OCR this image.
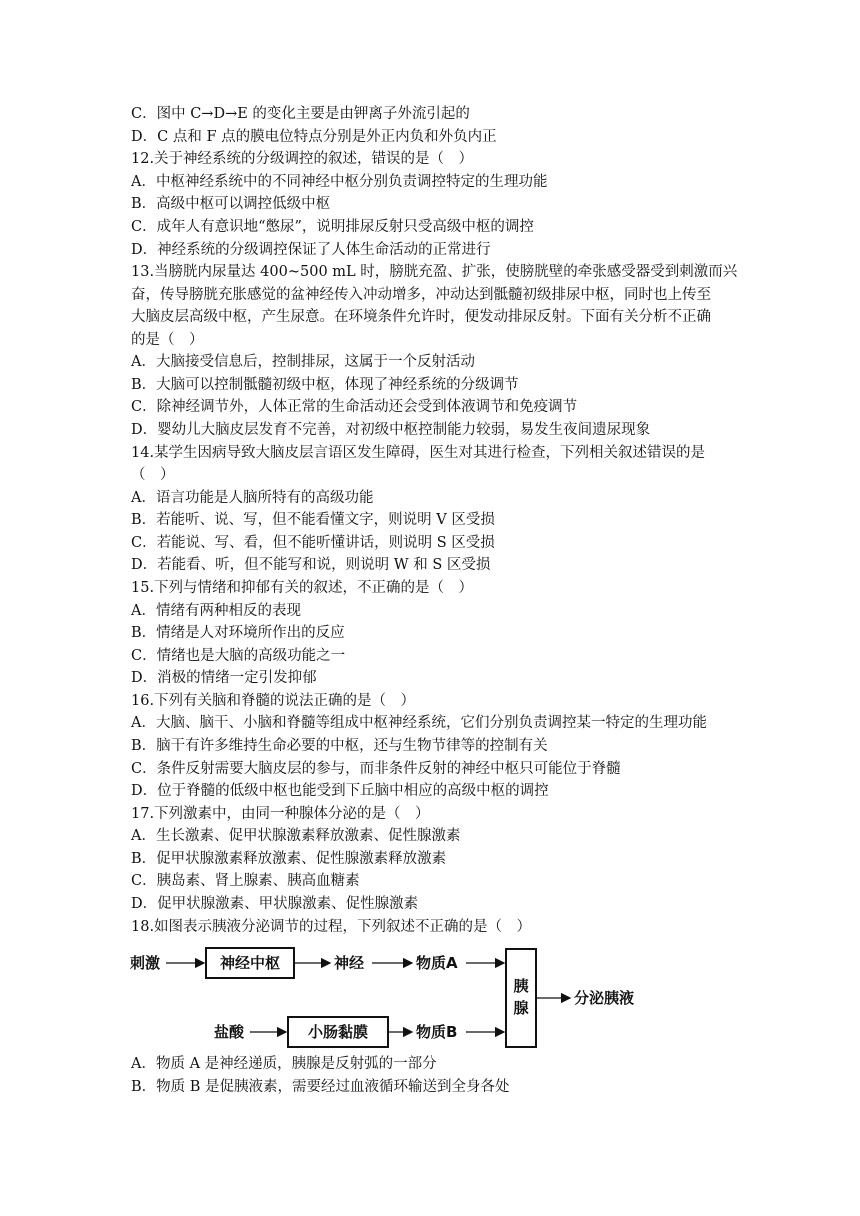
C．图中 C→D→E 的变化主要是由钾离子外流引起的
D．C 点和 F 点的膜电位特点分别是外正内负和外负内正
12.关于神经系统的分级调控的叙述，错误的是（　）
A．中枢神经系统中的不同神经中枢分别负责调控特定的生理功能
B．高级中枢可以调控低级中枢
C．成年人有意识地“憋尿”，说明排尿反射只受高级中枢的调控
D．神经系统的分级调控保证了人体生命活动的正常进行
13.当膀胱内尿量达 400~500 mL 时，膀胱充盈、扩张，使膀胱壁的牵张感受器受到刺激而兴
奋，传导膀胱充胀感觉的盆神经传入冲动增多，冲动达到骶髓初级排尿中枢，同时也上传至
大脑皮层高级中枢，产生尿意。在环境条件允许时，便发动排尿反射。下面有关分析不正确
的是（　）
A．大脑接受信息后，控制排尿，这属于一个反射活动
B．大脑可以控制骶髓初级中枢，体现了神经系统的分级调节
C．除神经调节外，人体正常的生命活动还会受到体液调节和免疫调节
D．婴幼儿大脑皮层发育不完善，对初级中枢控制能力较弱，易发生夜间遗尿现象
14.某学生因病导致大脑皮层言语区发生障碍，医生对其进行检查，下列相关叙述错误的是
（　）
A．语言功能是人脑所特有的高级功能
B．若能听、说、写，但不能看懂文字，则说明 V 区受损
C．若能说、写、看，但不能听懂讲话，则说明 S 区受损
D．若能看、听，但不能写和说，则说明 W 和 S 区受损
15.下列与情绪和抑郁有关的叙述，不正确的是（　）
A．情绪有两种相反的表现
B．情绪是人对环境所作出的反应
C．情绪也是大脑的高级功能之一
D．消极的情绪一定引发抑郁
16.下列有关脑和脊髓的说法正确的是（　）
A．大脑、脑干、小脑和脊髓等组成中枢神经系统，它们分别负责调控某一特定的生理功能
B．脑干有许多维持生命必要的中枢，还与生物节律等的控制有关
C．条件反射需要大脑皮层的参与，而非条件反射的神经中枢只可能位于脊髓
D．位于脊髓的低级中枢也能受到下丘脑中相应的高级中枢的调控
17.下列激素中，由同一种腺体分泌的是（　）
A．生长激素、促甲状腺激素释放激素、促性腺激素
B．促甲状腺激素释放激素、促性腺激素释放激素
C．胰岛素、肾上腺素、胰高血糖素
D．促甲状腺激素、甲状腺激素、促性腺激素
18.如图表示胰液分泌调节的过程，下列叙述不正确的是（　）
刺激	神经中枢	神经	物质A
盐酸	小肠黏膜	物质B
胰
腺
分泌胰液
A．物质 A 是神经递质，胰腺是反射弧的一部分
B．物质 B 是促胰液素，需要经过血液循环输送到全身各处
